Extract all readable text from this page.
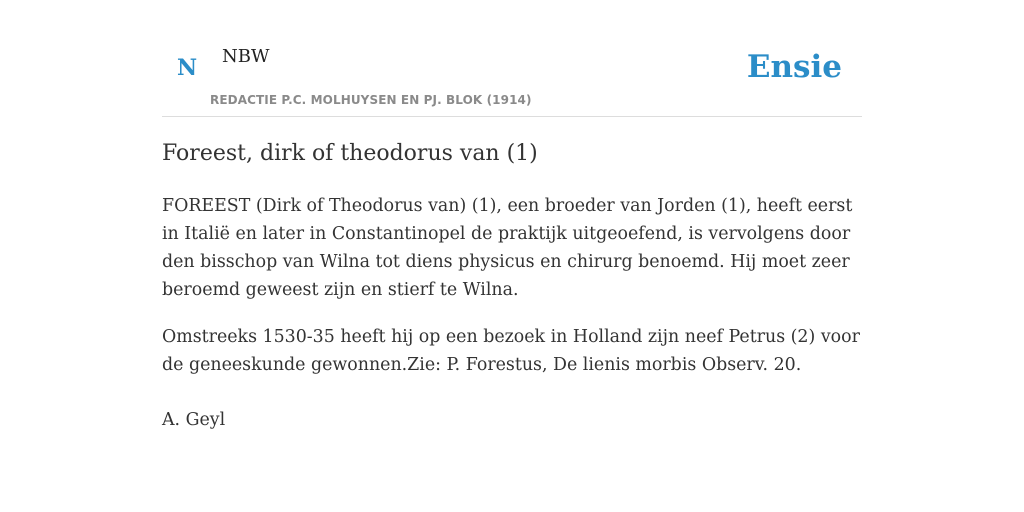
N NBW
REDACTIE P.C. MOLHUYSEN EN PJ. BLOK (1914)
Ensie
Foreest, dirk of theodorus van (1)

FOREEST (Dirk of Theodorus van) (1), een broeder van Jorden (1), heeft eerst in Italië en later in Constantinopel de praktijk uitgeoefend, is vervolgens door den bisschop van Wilna tot diens physicus en chirurg benoemd. Hij moet zeer beroemd geweest zijn en stierf te Wilna.

Omstreeks 1530-35 heeft hij op een bezoek in Holland zijn neef Petrus (2) voor de geneeskunde gewonnen.Zie: P. Forestus, De lienis morbis Observ. 20.

A. Geyl
